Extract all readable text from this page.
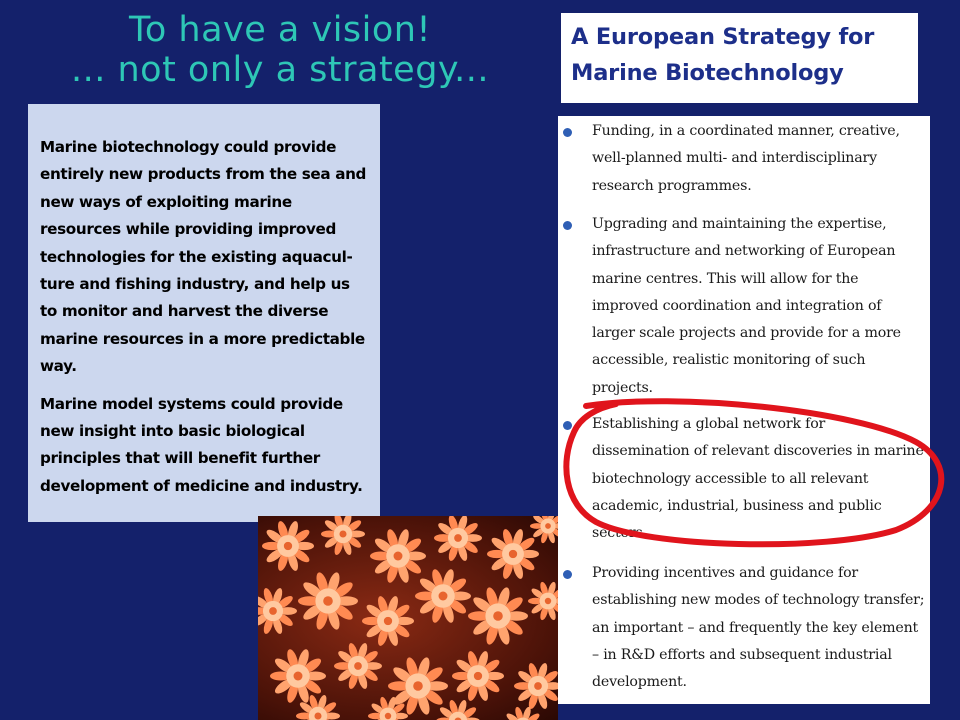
To have a vision!
... not only a strategy...

Marine biotechnology could provide entirely new products from the sea and new ways of exploiting marine resources while providing improved technologies for the existing aquacul-ture and fishing industry, and help us to monitor and harvest the diverse marine resources in a more predictable way.

Marine model systems could provide new insight into basic biological principles that will benefit further development of medicine and industry.

A European Strategy for
Marine Biotechnology
Funding, in a coordinated manner, creative, well-planned multi- and interdisciplinary research programmes.
Upgrading and maintaining the expertise, infrastructure and networking of European marine centres. This will allow for the improved coordination and integration of larger scale projects and provide for a more accessible, realistic monitoring of such projects.
Establishing a global network for dissemination of relevant discoveries in marine biotechnology accessible to all relevant academic, industrial, business and public sectors.
Providing incentives and guidance for establishing new modes of technology transfer; an important – and frequently the key element – in R&D efforts and subsequent industrial development.
